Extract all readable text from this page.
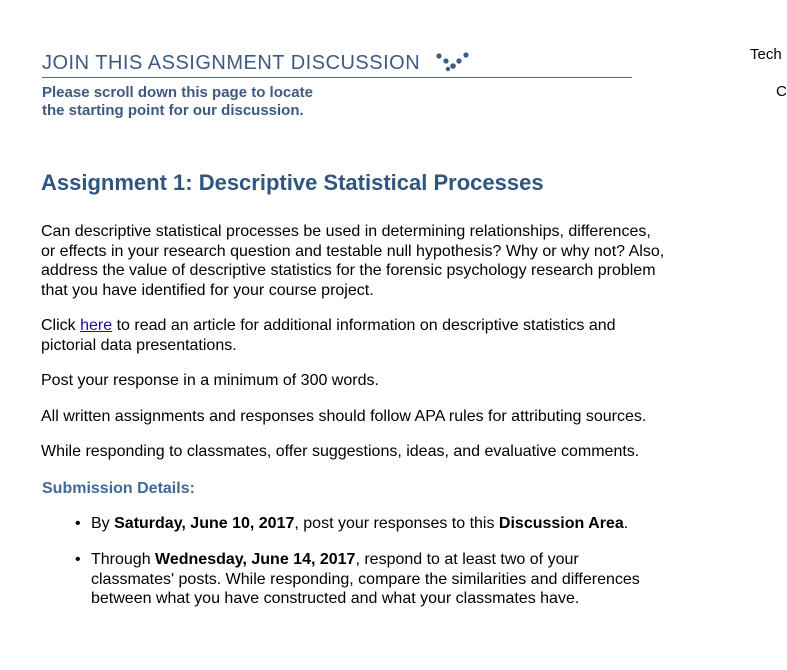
JOIN THIS ASSIGNMENT DISCUSSION
Please scroll down this page to locate
the starting point for our discussion.
Tech
C
Assignment 1: Descriptive Statistical Processes

Can descriptive statistical processes be used in determining relationships, differences, or effects in your research question and testable null hypothesis? Why or why not? Also, address the value of descriptive statistics for the forensic psychology research problem that you have identified for your course project.

Click here to read an article for additional information on descriptive statistics and pictorial data presentations.

Post your response in a minimum of 300 words.

All written assignments and responses should follow APA rules for attributing sources.

While responding to classmates, offer suggestions, ideas, and evaluative comments.

Submission Details:
• By Saturday, June 10, 2017, post your responses to this Discussion Area.
• Through Wednesday, June 14, 2017, respond to at least two of your classmates' posts. While responding, compare the similarities and differences between what you have constructed and what your classmates have.
